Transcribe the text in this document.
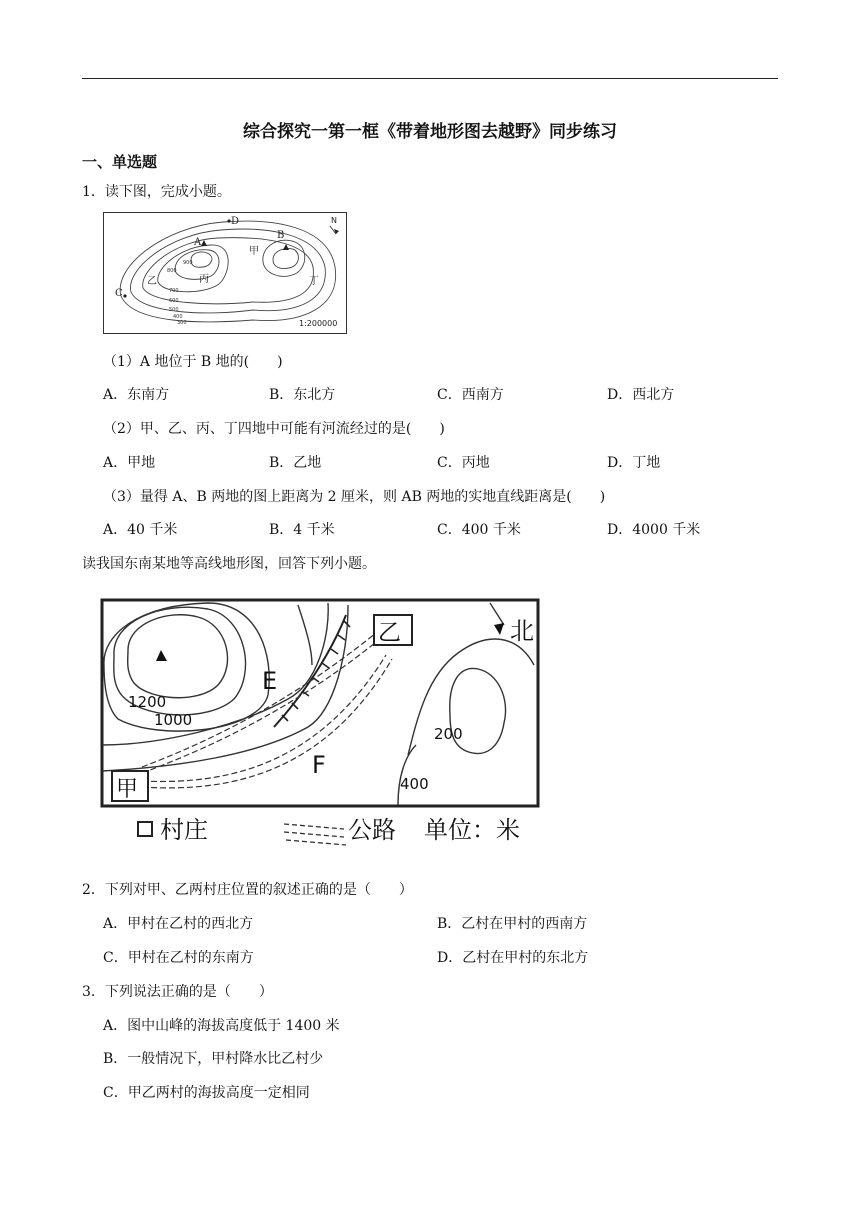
综合探究一第一框《带着地形图去越野》同步练习
一、单选题
1．读下图，完成小题。
A
B
C
D
甲
乙	丙	丁
900
800
700
600
500
400
300
N
1:200000
（1）A 地位于 B 地的(　　)
A．东南方	B．东北方	C．西南方	D．西北方
（2）甲、乙、丙、丁四地中可能有河流经过的是(　　)
A．甲地	B．乙地	C．丙地	D．丁地
（3）量得 A、B 两地的图上距离为 2 厘米，则 AB 两地的实地直线距离是(　　)
A．40 千米	B．4 千米	C．400 千米	D．4000 千米
读我国东南某地等高线地形图，回答下列小题。
乙
甲
北
E
F
1200
1000
200
400
村庄	公路 单位：米
2．下列对甲、乙两村庄位置的叙述正确的是（　　）
A．甲村在乙村的西北方	B．乙村在甲村的西南方
C．甲村在乙村的东南方	D．乙村在甲村的东北方
3．下列说法正确的是（　　）
A．图中山峰的海拔高度低于 1400 米
B．一般情况下，甲村降水比乙村少
C．甲乙两村的海拔高度一定相同
